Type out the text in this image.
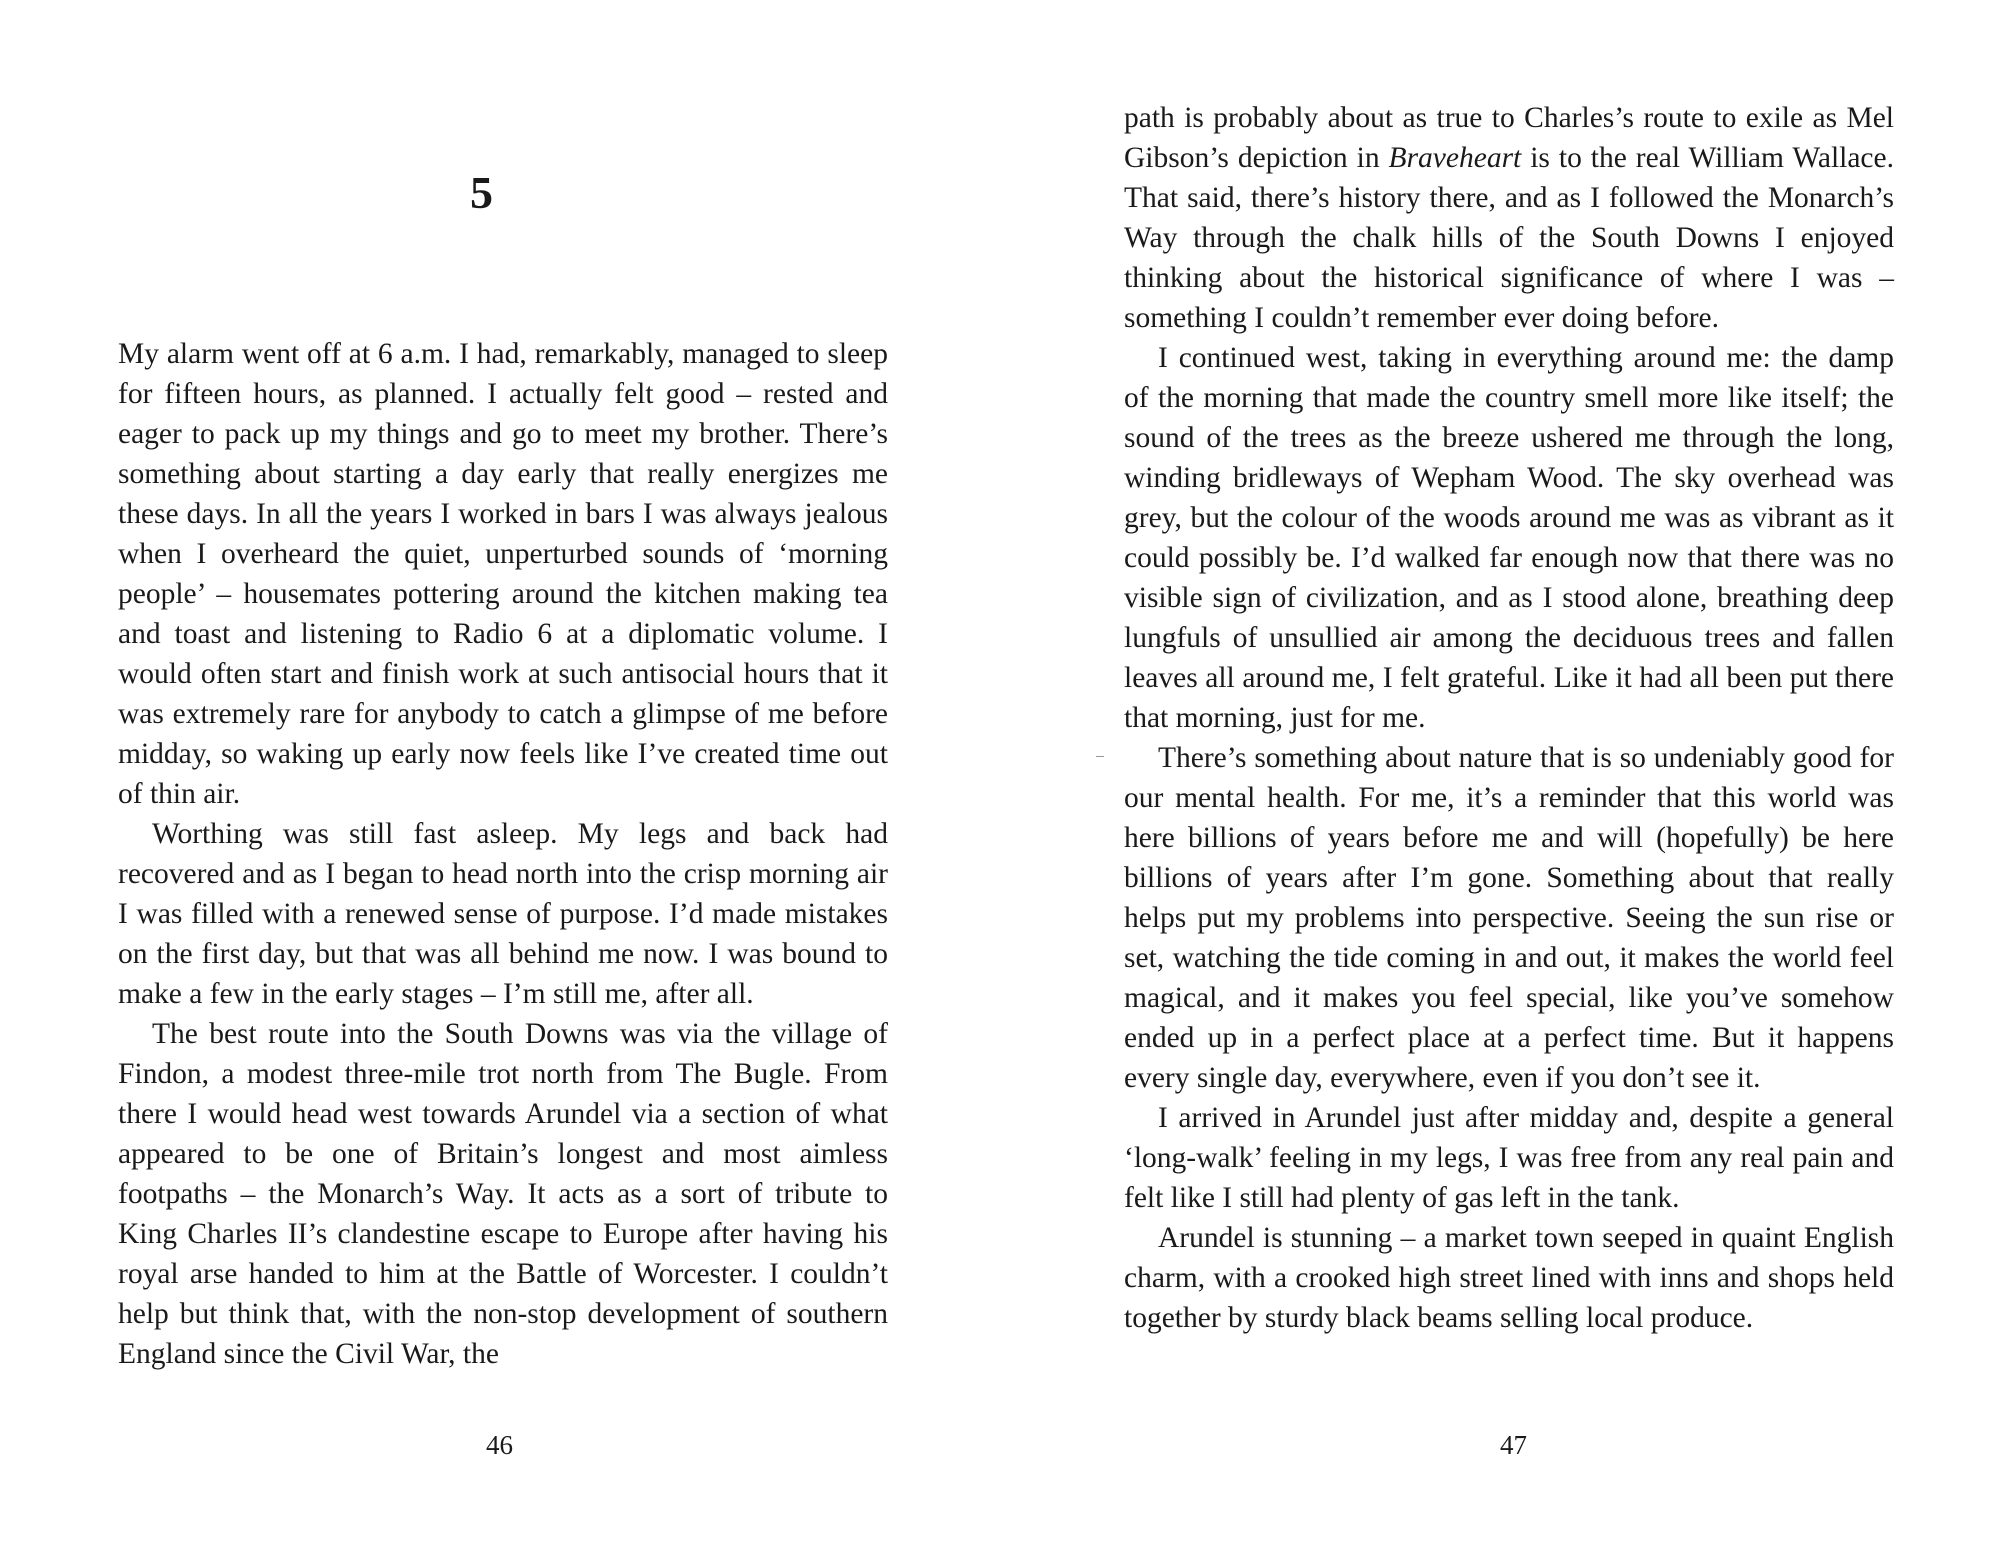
5

My alarm went off at 6 a.m. I had, remarkably, managed to sleep for fifteen hours, as planned. I actually felt good – rested and eager to pack up my things and go to meet my brother. There’s something about starting a day early that really energizes me these days. In all the years I worked in bars I was always jealous when I overheard the quiet, unperturbed sounds of ‘morning people’ – housemates pottering around the kitchen making tea and toast and listening to Radio 6 at a diplomatic volume. I would often start and finish work at such antisocial hours that it was extremely rare for anybody to catch a glimpse of me before midday, so waking up early now feels like I’ve created time out of thin air.

Worthing was still fast asleep. My legs and back had recovered and as I began to head north into the crisp morning air I was filled with a renewed sense of purpose. I’d made mistakes on the first day, but that was all behind me now. I was bound to make a few in the early stages – I’m still me, after all.

The best route into the South Downs was via the village of Findon, a modest three-mile trot north from The Bugle. From there I would head west towards Arundel via a section of what appeared to be one of Britain’s longest and most aimless footpaths – the Monarch’s Way. It acts as a sort of tribute to King Charles II’s clandestine escape to Europe after having his royal arse handed to him at the Battle of Worcester. I couldn’t help but think that, with the non-stop development of southern England since the Civil War, the

46

path is probably about as true to Charles’s route to exile as Mel Gibson’s depiction in Braveheart is to the real William Wallace. That said, there’s history there, and as I followed the Monarch’s Way through the chalk hills of the South Downs I enjoyed thinking about the historical significance of where I was – something I couldn’t remember ever doing before.

I continued west, taking in everything around me: the damp of the morning that made the country smell more like itself; the sound of the trees as the breeze ushered me through the long, winding bridleways of Wepham Wood. The sky overhead was grey, but the colour of the woods around me was as vibrant as it could possibly be. I’d walked far enough now that there was no visible sign of civilization, and as I stood alone, breathing deep lungfuls of unsullied air among the deciduous trees and fallen leaves all around me, I felt grateful. Like it had all been put there that morning, just for me.

There’s something about nature that is so undeniably good for our mental health. For me, it’s a reminder that this world was here billions of years before me and will (hopefully) be here billions of years after I’m gone. Something about that really helps put my problems into perspective. Seeing the sun rise or set, watching the tide coming in and out, it makes the world feel magical, and it makes you feel special, like you’ve somehow ended up in a perfect place at a perfect time. But it happens every single day, everywhere, even if you don’t see it.

I arrived in Arundel just after midday and, despite a general ‘long-walk’ feeling in my legs, I was free from any real pain and felt like I still had plenty of gas left in the tank.

Arundel is stunning – a market town seeped in quaint English charm, with a crooked high street lined with inns and shops held together by sturdy black beams selling local produce.

47
